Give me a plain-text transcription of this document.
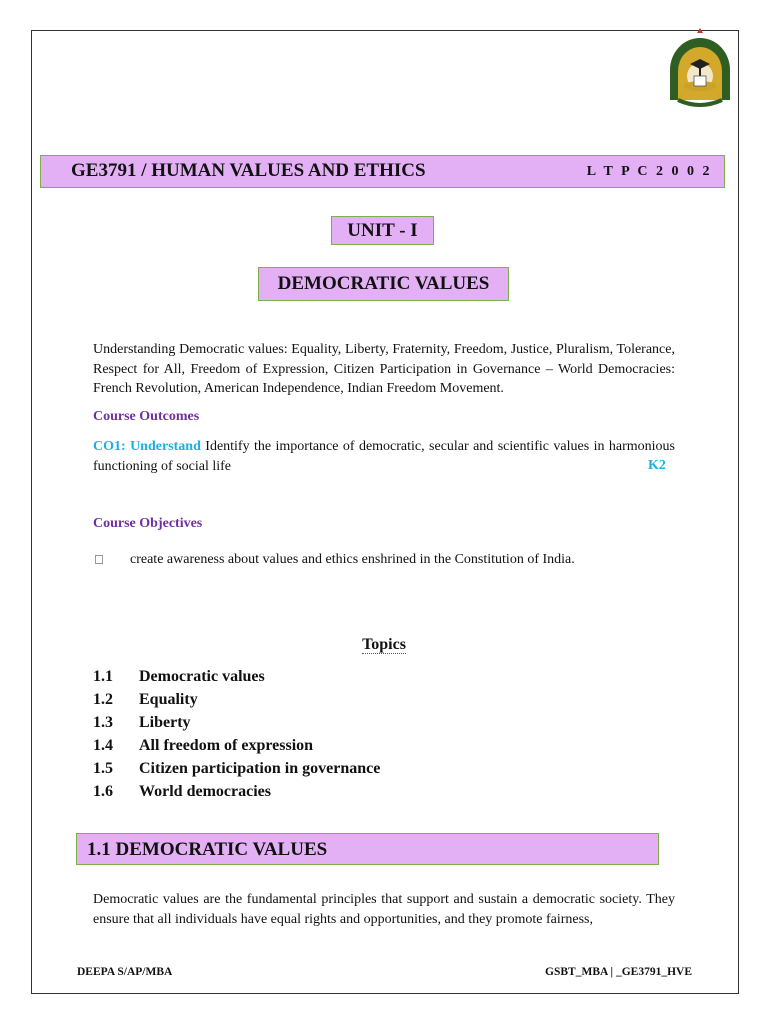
GE3791 / HUMAN VALUES AND ETHICS	L T P C 2 0 0 2
UNIT - I
DEMOCRATIC VALUES
Understanding Democratic values: Equality, Liberty, Fraternity, Freedom, Justice, Pluralism, Tolerance, Respect for All, Freedom of Expression, Citizen Participation in Governance – World Democracies: French Revolution, American Independence, Indian Freedom Movement.
Course Outcomes
CO1: Understand Identify the importance of democratic, secular and scientific values in harmonious functioning of social life	K2
Course Objectives
create awareness about values and ethics enshrined in the Constitution of India.
Topics
1.1 Democratic values
1.2 Equality
1.3 Liberty
1.4 All freedom of expression
1.5 Citizen participation in governance
1.6 World democracies
1.1 DEMOCRATIC VALUES
Democratic values are the fundamental principles that support and sustain a democratic society. They ensure that all individuals have equal rights and opportunities, and they promote fairness,
DEEPA S/AP/MBA	GSBT_MBA | _GE3791_HVE
